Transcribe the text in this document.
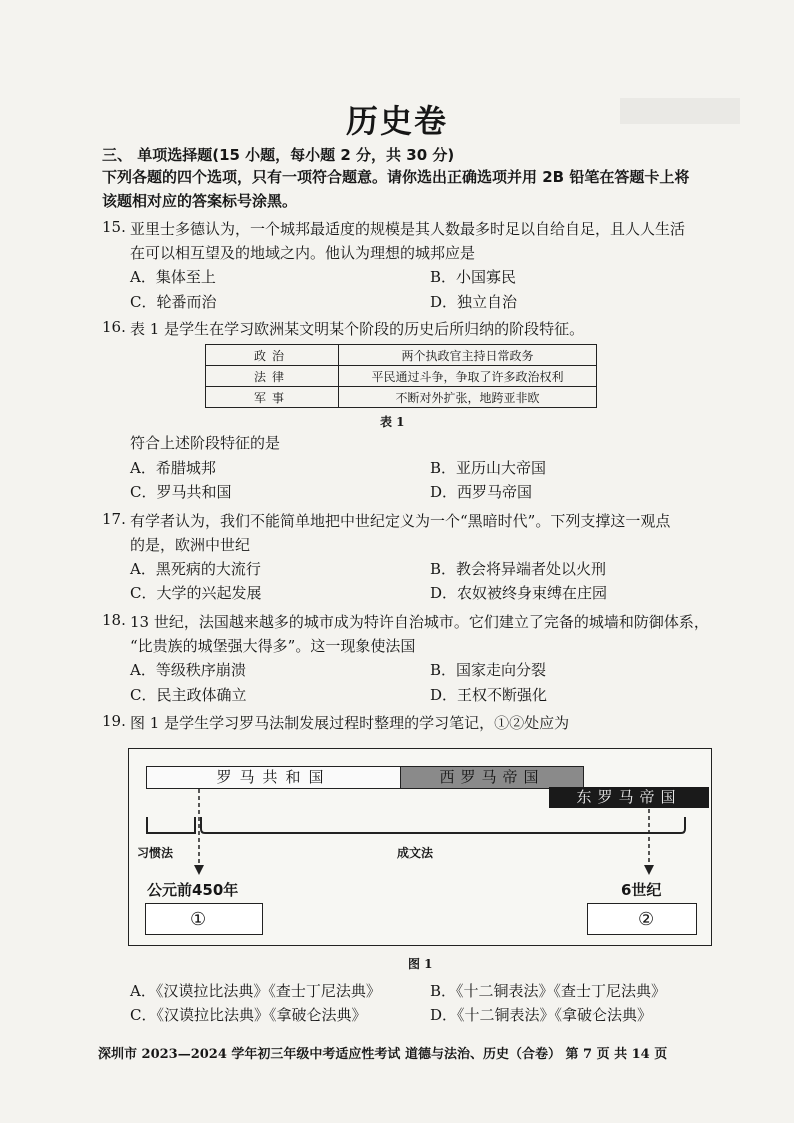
历史卷
三、 单项选择题(15 小题，每小题 2 分，共 30 分)
下列各题的四个选项，只有一项符合题意。请你选出正确选项并用 2B 铅笔在答题卡上将
该题相对应的答案标号涂黑。
15. 亚里士多德认为，一个城邦最适度的规模是其人数最多时足以自给自足，且人人生活
在可以相互望及的地域之内。他认为理想的城邦应是
A．集体至上	B．小国寡民
C．轮番而治	D．独立自治
16. 表 1 是学生在学习欧洲某文明某个阶段的历史后所归纳的阶段特征。
政治	两个执政官主持日常政务
法律	平民通过斗争，争取了许多政治权利
军事	不断对外扩张，地跨亚非欧
表 1
符合上述阶段特征的是
A．希腊城邦	B．亚历山大帝国
C．罗马共和国	D．西罗马帝国
17. 有学者认为，我们不能简单地把中世纪定义为一个“黑暗时代”。下列支撑这一观点
的是，欧洲中世纪
A．黑死病的大流行	B．教会将异端者处以火刑
C．大学的兴起发展	D．农奴被终身束缚在庄园
18. 13 世纪，法国越来越多的城市成为特许自治城市。它们建立了完备的城墙和防御体系，
“比贵族的城堡强大得多”。这一现象使法国
A．等级秩序崩溃	B．国家走向分裂
C．民主政体确立	D．王权不断强化
19. 图 1 是学生学习罗马法制发展过程时整理的学习笔记，①②处应为
罗马共和国	西罗马帝国
东罗马帝国
习惯法	成文法
公元前450年	6世纪
①	②
图 1
A．《汉谟拉比法典》《查士丁尼法典》	B．《十二铜表法》《查士丁尼法典》
C．《汉谟拉比法典》《拿破仑法典》	D．《十二铜表法》《拿破仑法典》
深圳市 2023—2024 学年初三年级中考适应性考试 道德与法治、历史（合卷） 第 7 页 共 14 页
